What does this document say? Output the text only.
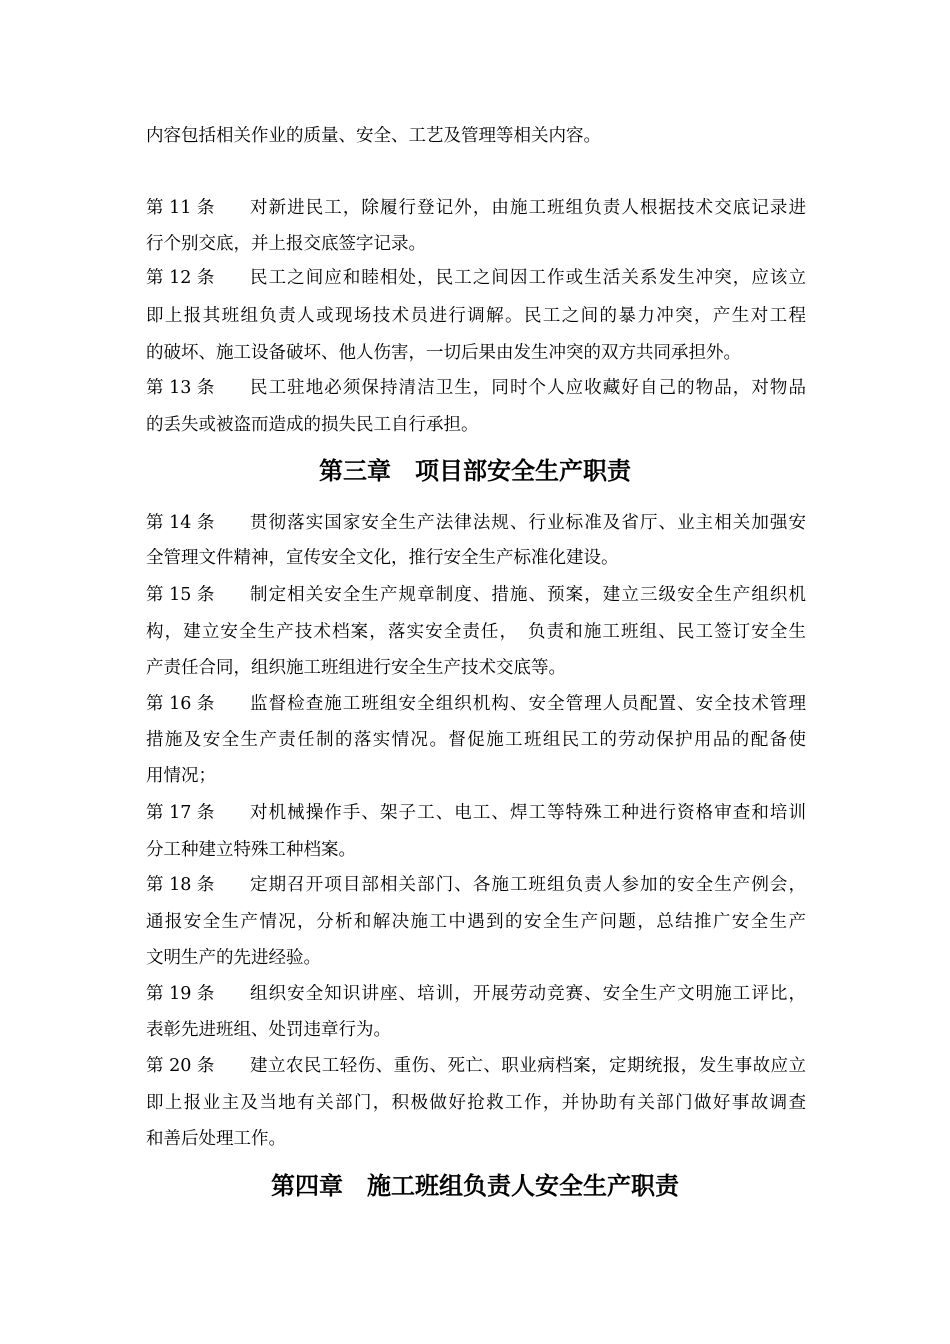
内容包括相关作业的质量、安全、工艺及管理等相关内容。
第 11 条 对新进民工，除履行登记外，由施工班组负责人根据技术交底记录进
行个别交底，并上报交底签字记录。
第 12 条 民工之间应和睦相处，民工之间因工作或生活关系发生冲突，应该立
即上报其班组负责人或现场技术员进行调解。民工之间的暴力冲突，产生对工程
的破坏、施工设备破坏、他人伤害，一切后果由发生冲突的双方共同承担外。
第 13 条 民工驻地必须保持清洁卫生，同时个人应收藏好自己的物品，对物品
的丢失或被盗而造成的损失民工自行承担。
第三章　项目部安全生产职责
第 14 条 贯彻落实国家安全生产法律法规、行业标准及省厅、业主相关加强安
全管理文件精神，宣传安全文化，推行安全生产标准化建设。
第 15 条 制定相关安全生产规章制度、措施、预案，建立三级安全生产组织机
构，建立安全生产技术档案，落实安全责任，　负责和施工班组、民工签订安全生
产责任合同，组织施工班组进行安全生产技术交底等。
第 16 条 监督检查施工班组安全组织机构、安全管理人员配置、安全技术管理
措施及安全生产责任制的落实情况。督促施工班组民工的劳动保护用品的配备使
用情况；
第 17 条 对机械操作手、架子工、电工、焊工等特殊工种进行资格审查和培训
分工种建立特殊工种档案。
第 18 条 定期召开项目部相关部门、各施工班组负责人参加的安全生产例会，
通报安全生产情况，分析和解决施工中遇到的安全生产问题，总结推广安全生产
文明生产的先进经验。
第 19 条 组织安全知识讲座、培训，开展劳动竞赛、安全生产文明施工评比，
表彰先进班组、处罚违章行为。
第 20 条 建立农民工轻伤、重伤、死亡、职业病档案，定期统报，发生事故应立
即上报业主及当地有关部门，积极做好抢救工作，并协助有关部门做好事故调查
和善后处理工作。
第四章　施工班组负责人安全生产职责
